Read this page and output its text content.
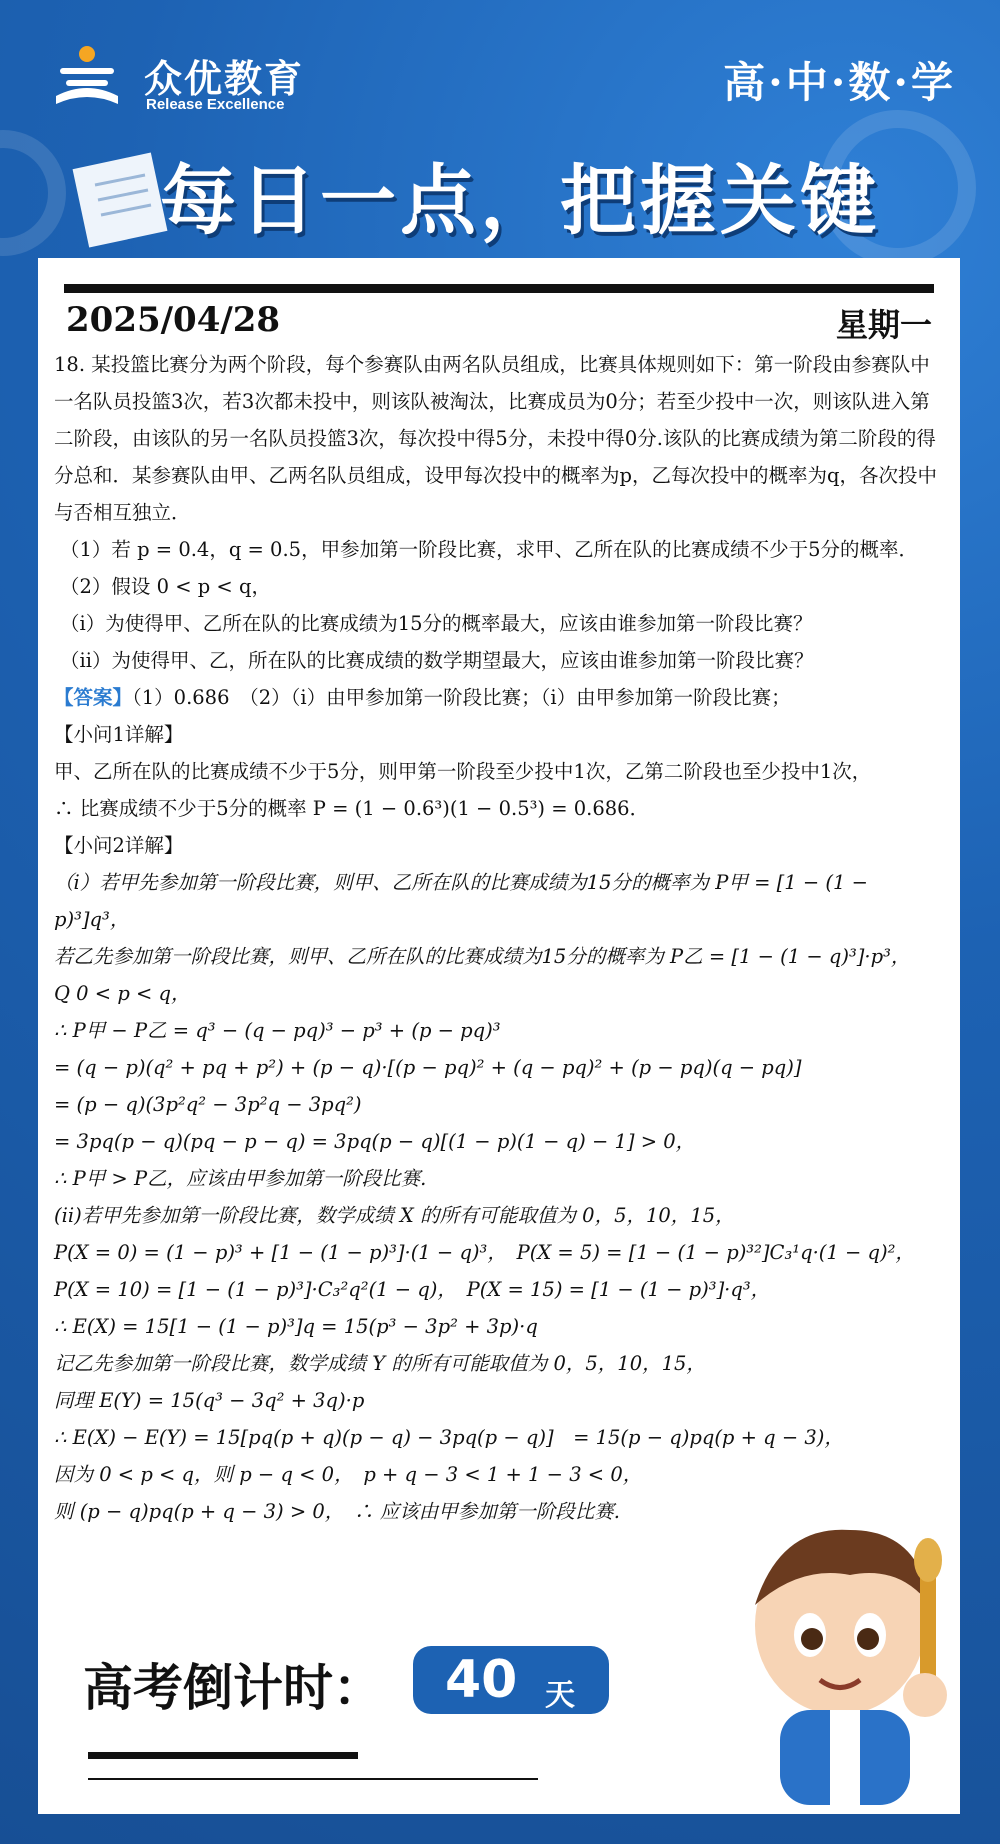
众优教育
Release Excellence	高·中·数·学
每日一点，把握关键
2025/04/28	星期一

18. 某投篮比赛分为两个阶段，每个参赛队由两名队员组成，比赛具体规则如下：第一阶段由参赛队中一名队员投篮3次，若3次都未投中，则该队被淘汰，比赛成员为0分；若至少投中一次，则该队进入第二阶段，由该队的另一名队员投篮3次，每次投中得5分，未投中得0分.该队的比赛成绩为第二阶段的得分总和．某参赛队由甲、乙两名队员组成，设甲每次投中的概率为p，乙每次投中的概率为q，各次投中与否相互独立．

（1）若 p = 0.4，q = 0.5，甲参加第一阶段比赛，求甲、乙所在队的比赛成绩不少于5分的概率．

（2）假设 0 < p < q，

（i）为使得甲、乙所在队的比赛成绩为15分的概率最大，应该由谁参加第一阶段比赛？

（ii）为使得甲、乙，所在队的比赛成绩的数学期望最大，应该由谁参加第一阶段比赛？

【答案】（1）0.686　（2）（i）由甲参加第一阶段比赛；（i）由甲参加第一阶段比赛；

【小问1详解】

甲、乙所在队的比赛成绩不少于5分，则甲第一阶段至少投中1次，乙第二阶段也至少投中1次，

∴ 比赛成绩不少于5分的概率 P = (1 − 0.6³)(1 − 0.5³) = 0.686．

【小问2详解】

（i）若甲先参加第一阶段比赛，则甲、乙所在队的比赛成绩为15分的概率为 P甲 = [1 − (1 − p)³]q³，

若乙先参加第一阶段比赛，则甲、乙所在队的比赛成绩为15分的概率为 P乙 = [1 − (1 − q)³]·p³，

Q 0 < p < q，

∴ P甲 − P乙 = q³ − (q − pq)³ − p³ + (p − pq)³

= (q − p)(q² + pq + p²) + (p − q)·[(p − pq)² + (q − pq)² + (p − pq)(q − pq)]

= (p − q)(3p²q² − 3p²q − 3pq²)

= 3pq(p − q)(pq − p − q) = 3pq(p − q)[(1 − p)(1 − q) − 1] > 0，

∴ P甲 > P乙，应该由甲参加第一阶段比赛.

(ii)若甲先参加第一阶段比赛，数学成绩 X 的所有可能取值为 0，5，10，15，

P(X = 0) = (1 − p)³ + [1 − (1 − p)³]·(1 − q)³，　P(X = 5) = [1 − (1 − p)³²]C₃¹q·(1 − q)²，

P(X = 10) = [1 − (1 − p)³]·C₃²q²(1 − q)，　P(X = 15) = [1 − (1 − p)³]·q³，

∴ E(X) = 15[1 − (1 − p)³]q = 15(p³ − 3p² + 3p)·q

记乙先参加第一阶段比赛，数学成绩 Y 的所有可能取值为 0，5，10，15，

同理 E(Y) = 15(q³ − 3q² + 3q)·p

∴ E(X) − E(Y) = 15[pq(p + q)(p − q) − 3pq(p − q)]　= 15(p − q)pq(p + q − 3)，

因为 0 < p < q，则 p − q < 0，　p + q − 3 < 1 + 1 − 3 < 0，

则 (p − q)pq(p + q − 3) > 0，　∴ 应该由甲参加第一阶段比赛.

高考倒计时： 40 天
